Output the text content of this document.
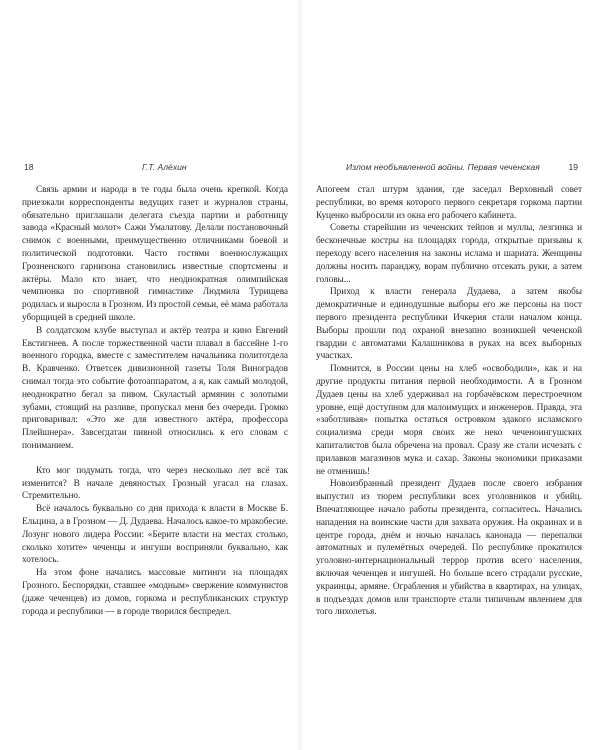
18	Г.Т. Алёхин

Связь армии и народа в те годы была очень крепкой. Когда приезжали корреспонденты ведущих газет и журналов страны, обязательно приглашали делегата съезда партии и работницу завода «Красный молот» Сажи Умалатову. Делали постановочный снимок с военными, преимущественно отличниками боевой и политической подготовки. Часто гостями военнослужащих Грозненского гарнизона становились известные спортсмены и актёры. Мало кто знает, что неоднократная олимпийская чемпионка по спортивной гимнастике Людмила Турищева родилась и выросла в Грозном. Из простой семьи, её мама работала уборщицей в средней школе.

В солдатском клубе выступал и актёр театра и кино Евгений Евстигнеев. А после торжественной части плавал в бассейне 1-го военного городка, вместе с заместителем начальника политотдела В. Кравченко. Ответсек дивизионной газеты Толя Виноградов снимал тогда это событие фотоаппаратом, а я, как самый молодой, неоднократно бегал за пивом. Скуластый армянин с золотыми зубами, стоящий на разливе, пропускал меня без очереди. Громко приговаривал: «Это же для известного актёра, профессора Плейшнера». Завсегдатаи пивной относились к его словам с пониманием.

Кто мог подумать тогда, что через несколько лет всё так изменится? В начале девяностых Грозный угасал на глазах. Стремительно.

Всё началось буквально со дня прихода к власти в Москве Б. Ельцина, а в Грозном — Д. Дудаева. Началось какое-то мракобесие. Лозунг нового лидера России: «Берите власти на местах столько, сколько хотите» чеченцы и ингуши восприняли буквально, как хотелось.

На этом фоне начались массовые митинги на площадях Грозного. Беспорядки, ставшее «модным» свержение коммунистов (даже чеченцев) из домов, горкома и республиканских структур города и республики — в городе творился беспредел.

Излом необъявленной войны. Первая чеченская	19

Апогеем стал штурм здания, где заседал Верховный совет республики, во время которого первого секретаря горкома партии Куценко выбросили из окна его рабочего кабинета.

Советы старейшин из чеченских тейпов и муллы, лезгинка и бесконечные костры на площадях города, открытые призывы к переходу всего населения на законы ислама и шариата. Женщины должны носить паранджу, ворам публично отсекать руки, а затем головы...

Приход к власти генерала Дудаева, а затем якобы демократичные и единодушные выборы его же персоны на пост первого президента республики Ичкерия стали началом конца. Выборы прошли под охраной внезапно возникшей чеченской гвардии с автоматами Калашникова в руках на всех выборных участках.

Помнится, в России цены на хлеб «освободили», как и на другие продукты питания первой необходимости. А в Грозном Дудаев цены на хлеб удерживал на горбачёвском перестроечном уровне, ещё доступном для малоимущих и инженеров. Правда, эта «заботливая» попытка остаться островком эдакого исламского социализма среди моря своих же неко чеченоингушских капиталистов была обречена на провал. Сразу же стали исчезать с прилавков магазинов мука и сахар. Законы экономики приказами не отменишь!

Новоизбранный президент Дудаев после своего избрания выпустил из тюрем республики всех уголовников и убийц. Впечатляющее начало работы президента, согласитесь. Начались нападения на воинские части для захвата оружия. На окраинах и в центре города, днём и ночью началась канонада — перепалки автоматных и пулемётных очередей. По республике прокатился уголовно-интернациональный террор против всего населения, включая чеченцев и ингушей. Но больше всего страдали русские, украинцы, армяне. Ограбления и убийства в квартирах, на улицах, в подъездах домов или транспорте стали типичным явлением для того лихолетья.
